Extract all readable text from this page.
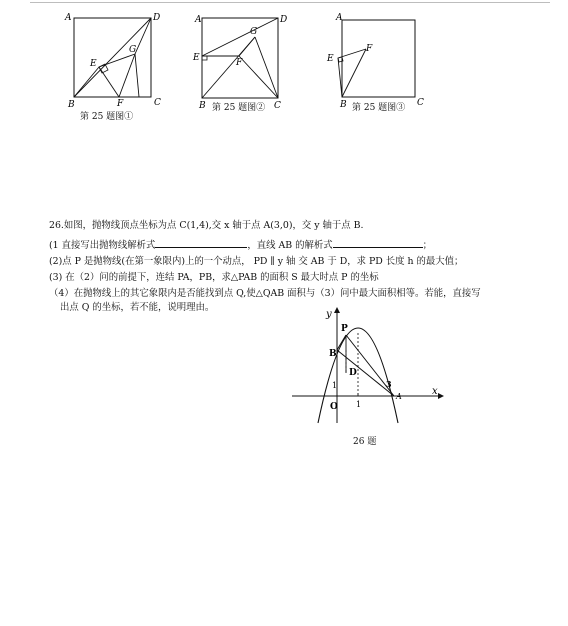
A	D
B	C
E
F
G
第 25 题图①
A	D
E	F
G
B	C
第 25 题图②
A
E
F
B	C
第 25 题图③
26.如图，抛物线顶点坐标为点 C(1,4),交 x 轴于点 A(3,0)，交 y 轴于点 B.
(1 直接写出抛物线解析式	，直线 AB 的解析式	；
(2)点 P 是抛物线(在第一象限内)上的一个动点， PD ∥ y 轴 交 AB 于 D，求 PD 长度 h 的最大值；
(3) 在（2）问的前提下，连结 PA，PB，求△PAB 的面积 S 最大时点 P 的坐标
（4）在抛物线上的其它象限内是否能找到点 Q,使△QAB 面积与（3）问中最大面积相等。若能，直接写
出点 Q 的坐标，若不能，说明理由。
y
x
P
B
D
O
1
1
3
A
26 题
